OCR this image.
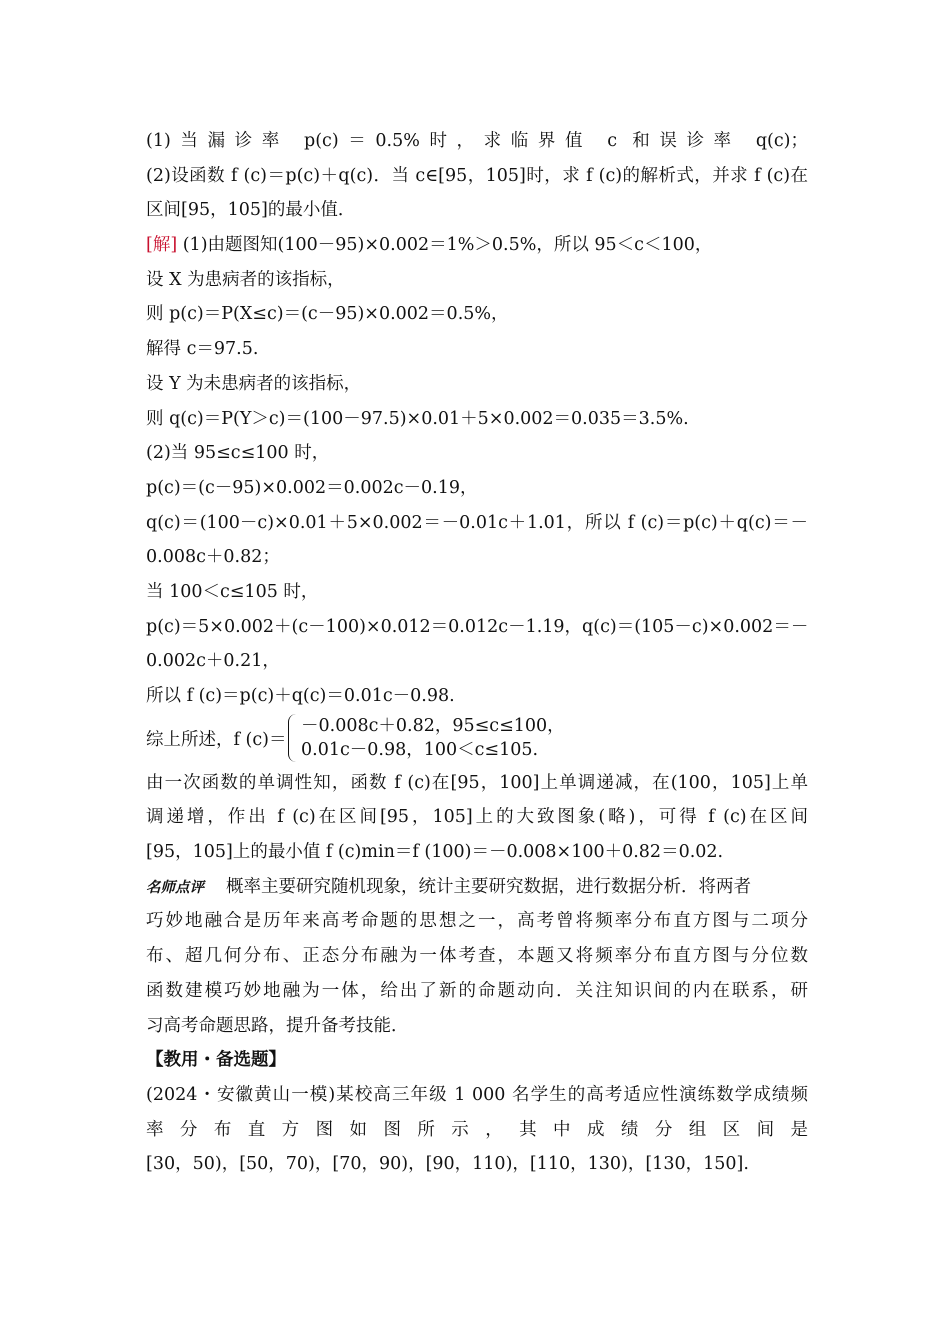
(1)当漏诊率 p(c)＝0.5%时，求临界值 c 和误诊率 q(c)；
(2)设函数 f (c)＝p(c)＋q(c)．当 c∈[95，105]时，求 f (c)的解析式，并求 f (c)在
区间[95，105]的最小值．
[解] (1)由题图知(100－95)×0.002＝1%＞0.5%，所以 95＜c＜100，
设 X 为患病者的该指标，
则 p(c)＝P(X≤c)＝(c－95)×0.002＝0.5%，
解得 c＝97.5.
设 Y 为未患病者的该指标，
则 q(c)＝P(Y＞c)＝(100－97.5)×0.01＋5×0.002＝0.035＝3.5%.
(2)当 95≤c≤100 时，
p(c)＝(c－95)×0.002＝0.002c－0.19，
q(c)＝(100－c)×0.01＋5×0.002＝－0.01c＋1.01，所以 f (c)＝p(c)＋q(c)＝－
0.008c＋0.82；
当 100＜c≤105 时，
p(c)＝5×0.002＋(c－100)×0.012＝0.012c－1.19，q(c)＝(105－c)×0.002＝－
0.002c＋0.21，
所以 f (c)＝p(c)＋q(c)＝0.01c－0.98.
综上所述，f (c)＝
－0.008c＋0.82，95≤c≤100，
0.01c－0.98，100＜c≤105.
由一次函数的单调性知，函数 f (c)在[95，100]上单调递减，在(100，105]上单
调递增，作出 f (c)在区间[95，105]上的大致图象(略)，可得 f (c)在区间
[95，105]上的最小值 f (c)min＝f (100)＝－0.008×100＋0.82＝0.02.
名师点评 概率主要研究随机现象，统计主要研究数据，进行数据分析．将两者
巧妙地融合是历年来高考命题的思想之一，高考曾将频率分布直方图与二项分
布、超几何分布、正态分布融为一体考查，本题又将频率分布直方图与分位数
函数建模巧妙地融为一体，给出了新的命题动向．关注知识间的内在联系，研
习高考命题思路，提升备考技能．
【教用・备选题】
(2024・安徽黄山一模)某校高三年级 1 000 名学生的高考适应性演练数学成绩频
率分布直方图如图所示，其中成绩分组区间是
[30，50)，[50，70)，[70，90)，[90，110)，[110，130)，[130，150].
